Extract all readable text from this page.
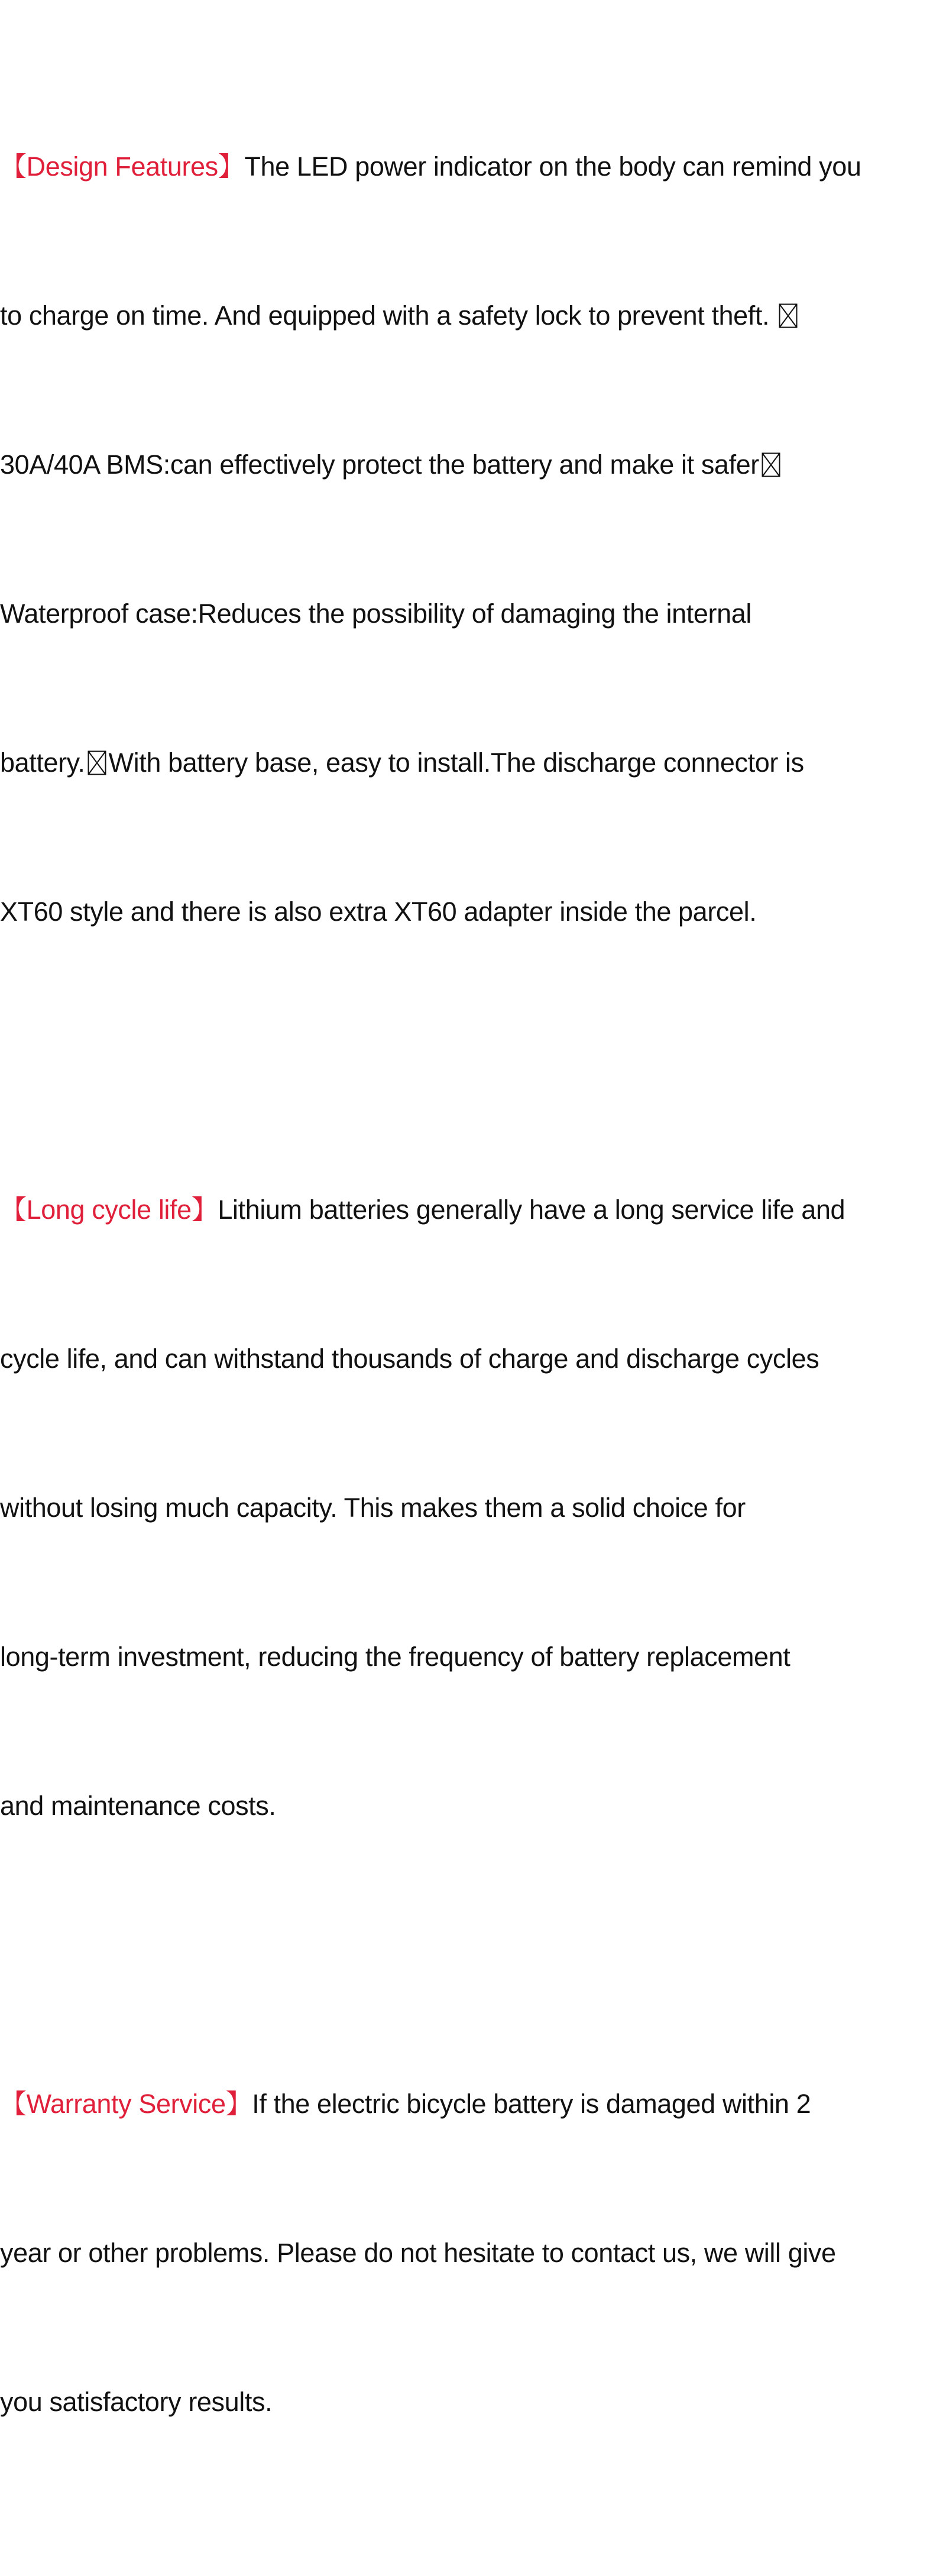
【Design Features】The LED power indicator on the body can remind you

to charge on time. And equipped with a safety lock to prevent theft.

30A/40A BMS:can effectively protect the battery and make it safer

Waterproof case:Reduces the possibility of damaging the internal

battery. With battery base, easy to install.The discharge connector is

XT60 style and there is also extra XT60 adapter inside the parcel.

【Long cycle life】Lithium batteries generally have a long service life and

cycle life, and can withstand thousands of charge and discharge cycles

without losing much capacity. This makes them a solid choice for

long-term investment, reducing the frequency of battery replacement

and maintenance costs.

【Warranty Service】If the electric bicycle battery is damaged within 2

year or other problems. Please do not hesitate to contact us, we will give

you satisfactory results.
